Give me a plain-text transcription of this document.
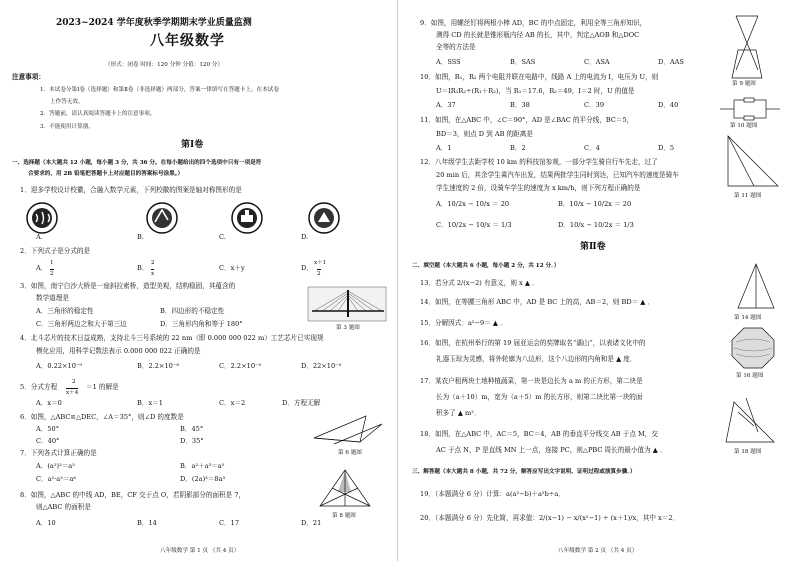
2023~2024 学年度秋季学期期末学业质量监测
八年级数学
（形式：闭卷 时间：120 分钟 分值：120 分）
注意事项：
1．本试卷分第Ⅰ卷（选择题）和第Ⅱ卷（非选择题）两部分，答案一律填写在答题卡上，在本试卷
上作答无效。
2．答题前，请认真阅读答题卡上的注意事项。
3．不能使用计算器。
第Ⅰ卷
一、选择题（本大题共 12 小题，每小题 3 分，共 36 分。在每小题给出的四个选项中只有一项是符
合要求的，用 2B 铅笔把答题卡上对应题目的答案标号涂黑。）
1．迎多学校设计校徽，合融入数学元素，下列校徽的图案是轴对称图形的是
A.	B.	C.	D.
2．下列式子是分式的是
A．
1
2
B．
2
x
C．x＋y	D．
x＋1
2
3．如图，南宁白沙大桥是一座斜拉索桥，造型美观，结构稳固，其蕴含的
数学道理是
A．三角形的稳定性	B．四边形的不稳定性
C．三角形两边之和大于第三边	D．三角形内角和等于 180°	第 3 题图
4．北斗芯片的技术日益成熟，支持北斗三号系统的 22 nm（即 0.000 000 022 m）工艺芯片已实现规
模化应用，用科学记数法表示 0.000 000 022 正确的是
A．0.22×10⁻⁹	B．2.2×10⁻⁸	C．2.2×10⁻⁹	D．22×10⁻⁹
5．分式方程
2
x＋4
＝1 的解是
A．x＝0	B．x＝1	C．x＝2	D．方程无解
6．如图，△ABC≌△DEC，∠A＝35°，则∠D 的度数是
A．50°	B．45°
C．40°	D．35°
第 6 题图
7．下列各式计算正确的是
A．(a²)³＝a⁵	B．a²＋a³＝a⁵
C．a²·a³＝a⁶	D．(2a)³＝8a³
8．如图，△ABC 的中线 AD，BE，CF 交于点 O，若阴影部分的面积是 7，
则△ABC 的面积是
A．10	B．14	C．17	D．21
第 8 题图
八年级数学 第 1 页 （共 4 页）
9．如图，用螺丝钉将两根小棒 AD，BC 的中点固定，利用全等三角形知识，
测得 CD 的长就是锥形瓶内径 AB 的长，其中，判定△AOB 和△DOC
全等的方法是
A．SSS	B．SAS	C．ASA	D．AAS
第 9 题图
10．如图，R₁，R₂ 两个电阻并联在电路中，线路 A 上的电流为 I，电压为 U，则
U＝IR₁R₂÷(R₁＋R₂)，当 R₁＝17.6，R₂＝49，I＝2 时，U 的值是
A．37	B．38	C．39	D．40
第 10 题图
11．如图，在△ABC 中，∠C＝90°，AD 是∠BAC 的平分线，BC＝5，
BD＝3，则点 D 到 AB 的距离是
A．1	B．2	C．4	D．5
第 11 题图
12．八年级学生去距学校 10 km 的科技馆参观，一部分学生骑自行车先走，过了
20 min 后，其余学生乘汽车出发，结果两批学生同时到达，已知汽车的速度是骑车
学生速度的 2 倍，设骑车学生的速度为 x km/h，则下列方程正确的是
A．10/2x − 10/x ＝ 20	B．10/x − 10/2x ＝ 20
C．10/2x − 10/x ＝ 1/3	D．10/x − 10/2x ＝ 1/3
第Ⅱ卷
二、填空题（本大题共 6 小题，每小题 2 分，共 12 分．）
13．若分式 2/(x−2) 有意义，则 x ▲ ．
14．如图，在等腰三角形 ABC 中，AD 是 BC 上的高，AB＝2，则 BD＝ ▲ ．
第 14 题图
15．分解因式：a²−9＝ ▲ ．
16．如图，在杭州举行的第 19 届亚运会的奖牌取名“湖山”，以表诸文化中的
礼器玉琮为灵感，将外轮廓为八边形，这个八边形的内角和是 ▲ 度．
第 16 题图
17．某农户租两块土地种植蔬菜，第一块是边长为 a m 的正方形，第二块是
长为（a＋10）m，宽为（a＋5）m 的长方形，则第二块比第一块的面
积多了 ▲ m²．
18．如图，在△ABC 中，AC＝5，BC＝4，AB 的垂直平分线交 AB 于点 M，交
AC 于点 N，P 是直线 MN 上一点，连接 PC，则△PBC 周长的最小值为 ▲ ．	第 18 题图
三、解答题（本大题共 8 小题，共 72 分，解答应写出文字说明、证明过程或演算步骤．）
19．（本题满分 6 分）计算：a(a²−b)＋a²b÷a．
20．（本题满分 6 分）先化简，再求值：2/(x−1) − x/(x²−1) ÷ (x＋1)/x，其中 x＝2．
八年级数学 第 2 页 （共 4 页）
